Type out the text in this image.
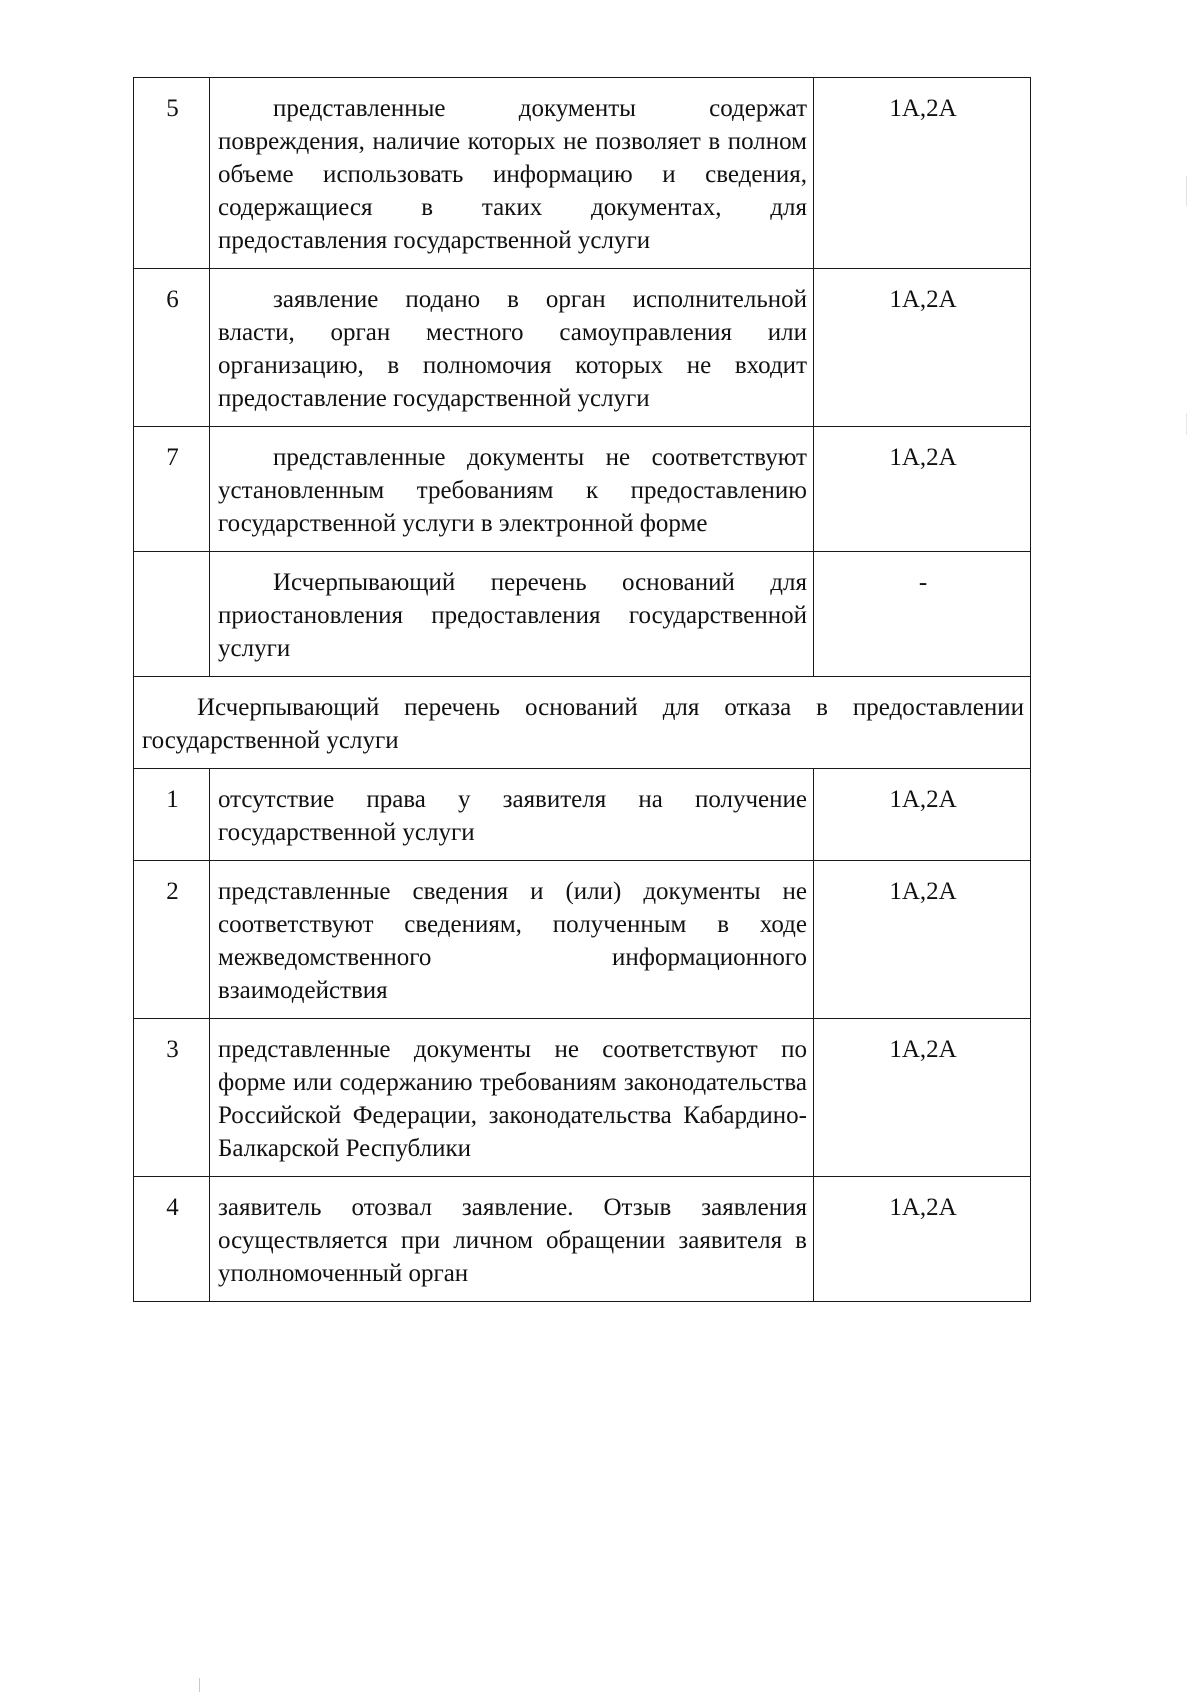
5	представленные документы содержат повреждения, наличие которых не позволяет в полном объеме использовать информацию и сведения, содержащиеся в таких документах, для предоставления государственной услуги	1А,2А
6	заявление подано в орган исполнительной власти, орган местного самоуправления или организацию, в полномочия которых не входит предоставление государственной услуги	1А,2А
7	представленные документы не соответствуют установленным требованиям к предоставлению государственной услуги в электронной форме	1А,2А
	Исчерпывающий перечень оснований для приостановления предоставления государственной услуги	-
Исчерпывающий перечень оснований для отказа в предоставлении государственной услуги		
1	отсутствие права у заявителя на получение государственной услуги	1А,2А
2	представленные сведения и (или) документы не соответствуют сведениям, полученным в ходе межведомственного информационного взаимодействия	1А,2А
3	представленные документы не соответствуют по форме или содержанию требованиям законодательства Российской Федерации, законодательства Кабардино-Балкарской Республики	1А,2А
4	заявитель отозвал заявление. Отзыв заявления осуществляется при личном обращении заявителя в уполномоченный орган	1А,2А
